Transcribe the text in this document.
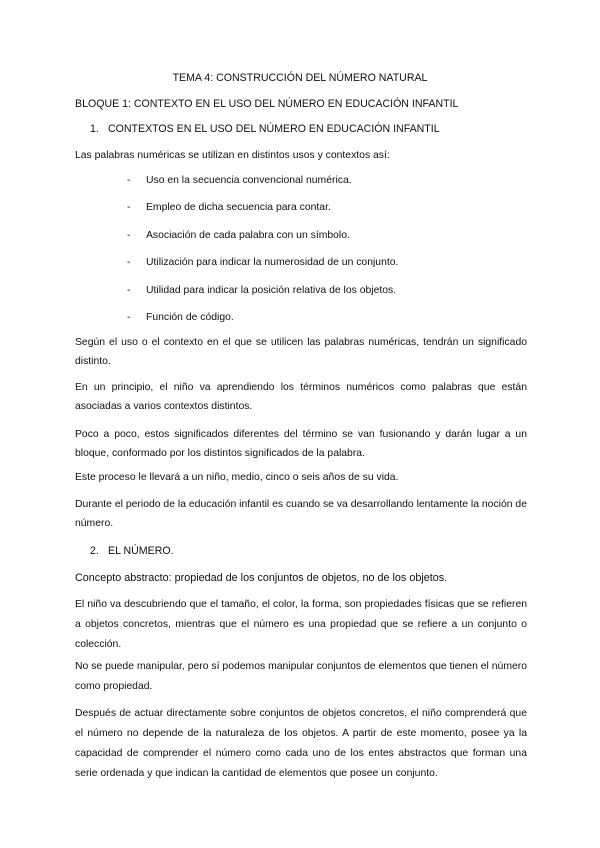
TEMA 4: CONSTRUCCIÓN DEL NÚMERO NATURAL

BLOQUE 1: CONTEXTO EN EL USO DEL NÚMERO EN EDUCACIÓN INFANTIL

1. CONTEXTOS EN EL USO DEL NÚMERO EN EDUCACIÓN INFANTIL

Las palabras numéricas se utilizan en distintos usos y contextos así:

- Uso en la secuencia convencional numérica.
- Empleo de dicha secuencia para contar.
- Asociación de cada palabra con un símbolo.
- Utilización para indicar la numerosidad de un conjunto.
- Utilidad para indicar la posición relativa de los objetos.
- Función de código.

Según el uso o el contexto en el que se utilicen las palabras numéricas, tendrán un significado distinto.

En un principio, el niño va aprendiendo los términos numéricos como palabras que están asociadas a varios contextos distintos.

Poco a poco, estos significados diferentes del término se van fusionando y darán lugar a un bloque, conformado por los distintos significados de la palabra.

Este proceso le llevará a un niño, medio, cinco o seis años de su vida.

Durante el periodo de la educación infantil es cuando se va desarrollando lentamente la noción de número.

2. EL NÚMERO.

Concepto abstracto: propiedad de los conjuntos de objetos, no de los objetos.

El niño va descubriendo que el tamaño, el color, la forma, son propiedades físicas que se refieren a objetos concretos, mientras que el número es una propiedad que se refiere a un conjunto o colección.

No se puede manipular, pero sí podemos manipular conjuntos de elementos que tienen el número como propiedad.

Después de actuar directamente sobre conjuntos de objetos concretos, el niño comprenderá que el número no depende de la naturaleza de los objetos. A partir de este momento, posee ya la capacidad de comprender el número como cada uno de los entes abstractos que forman una serie ordenada y que indican la cantidad de elementos que posee un conjunto.
